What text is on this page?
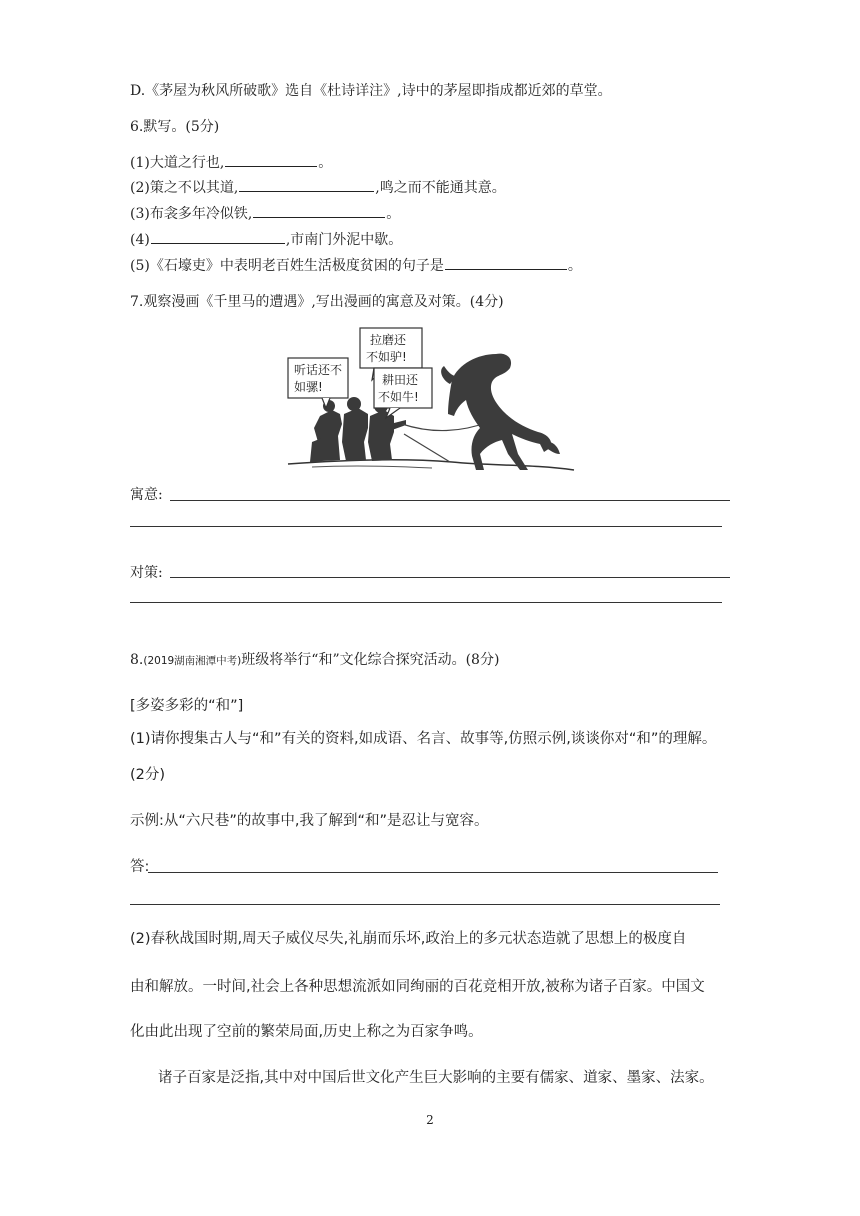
D.《茅屋为秋风所破歌》选自《杜诗详注》,诗中的茅屋即指成都近郊的草堂。
6.默写。(5分)
(1)大道之行也,	。
(2)策之不以其道,	,鸣之而不能通其意。
(3)布衾多年冷似铁,	。
(4)	,市南门外泥中歇。
(5)《石壕吏》中表明老百姓生活极度贫困的句子是	。
7.观察漫画《千里马的遭遇》,写出漫画的寓意及对策。(4分)
听话还不
如骡!
拉磨还
不如驴!
耕田还
不如牛!
寓意:
对策:
8.(2019湖南湘潭中考)班级将举行“和”文化综合探究活动。(8分)
[多姿多彩的“和”]
(1)请你搜集古人与“和”有关的资料,如成语、名言、故事等,仿照示例,谈谈你对“和”的理解。
(2分)
示例:从“六尺巷”的故事中,我了解到“和”是忍让与宽容。
答:
(2)春秋战国时期,周天子威仪尽失,礼崩而乐坏,政治上的多元状态造就了思想上的极度自
由和解放。一时间,社会上各种思想流派如同绚丽的百花竞相开放,被称为诸子百家。中国文
化由此出现了空前的繁荣局面,历史上称之为百家争鸣。
诸子百家是泛指,其中对中国后世文化产生巨大影响的主要有儒家、道家、墨家、法家。
2
